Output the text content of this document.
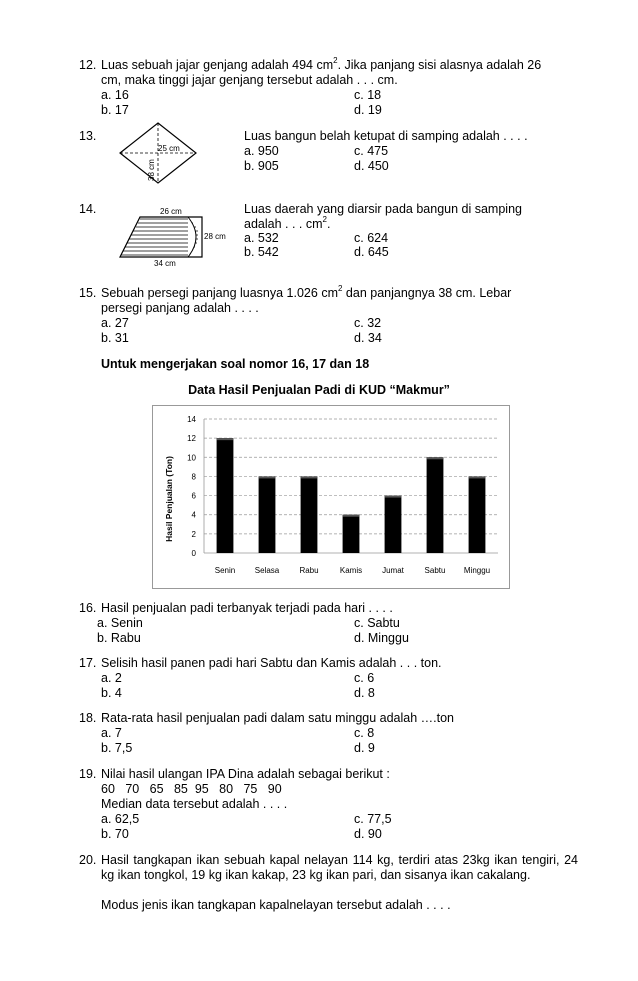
12. Luas sebuah jajar genjang adalah 494 $cm^2$. Jika panjang sisi alasnya adalah 26
cm, maka tinggi jajar genjang tersebut adalah . . . cm.
a. 16
b. 17
c. 18
d. 19
13.
25 cm
38 cm
Luas bangun belah ketupat di samping adalah . . . .
a. 950
b. 905
c. 475
d. 450
14.	26 cm
28 cm
34 cm
Luas daerah yang diarsir pada bangun di samping
adalah . . . $cm^2$.
a. 532
b. 542
c. 624
d. 645
15. Sebuah persegi panjang luasnya 1.026 $cm^2$ dan panjangnya 38 cm. Lebar
persegi panjang adalah . . . .
a. 27
b. 31
c. 32
d. 34
Untuk mengerjakan soal nomor 16, 17 dan 18
Data Hasil Penjualan Padi di KUD “Makmur”
0
2
4
6
8
10
12
14
Senin Selasa	Rabu	Kamis Jumat	Sabtu Minggu
Hasil Penjualan (Ton)
16. Hasil penjualan padi terbanyak terjadi pada hari . . . .
a. Senin
b. Rabu
c. Sabtu
d. Minggu
17. Selisih hasil panen padi hari Sabtu dan Kamis adalah . . . ton.
a. 2
b. 4
c. 6
d. 8
18. Rata-rata hasil penjualan padi dalam satu minggu adalah ….ton
a. 7
b. 7,5
c. 8
d. 9
19. Nilai hasil ulangan IPA Dina adalah sebagai berikut :
60   70   65   85  95   80   75   90
Median data tersebut adalah . . . .
a. 62,5
b. 70
c. 77,5
d. 90
20. Hasil tangkapan ikan sebuah kapal nelayan 114 kg, terdiri atas 23kg ikan tengiri, 24 kg ikan tongkol, 19 kg ikan kakap, 23 kg ikan pari, dan sisanya ikan cakalang.
Modus jenis ikan tangkapan kapalnelayan tersebut adalah . . . .
